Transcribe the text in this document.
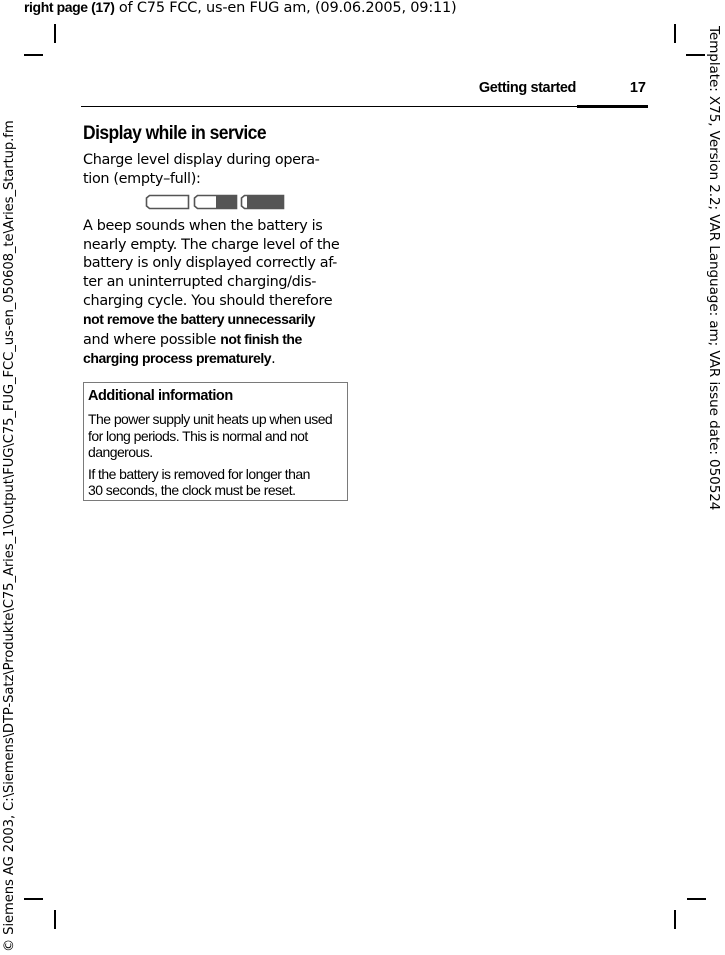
right page (17) of C75 FCC, us-en FUG am, (09.06.2005, 09:11)
© Siemens AG 2003, C:\Siemens\DTP-Satz\Produkte\C75_Aries_1\Output\FUG\C75_FUG_FCC_us-en_050608_te\Aries_Startup.fm	Template: X75, Version 2.2; VAR Language: am; VAR issue date: 050524
Getting started	17
Display while in service

Charge level display during opera-
tion (empty–full):

A beep sounds when the battery is
nearly empty. The charge level of the
battery is only displayed correctly af-
ter an uninterrupted charging/dis-
charging cycle. You should therefore
not remove the battery unnecessarily
and where possible not finish the
charging process prematurely.

Additional information
The power supply unit heats up when used
for long periods. This is normal and not
dangerous.
If the battery is removed for longer than
30 seconds, the clock must be reset.
